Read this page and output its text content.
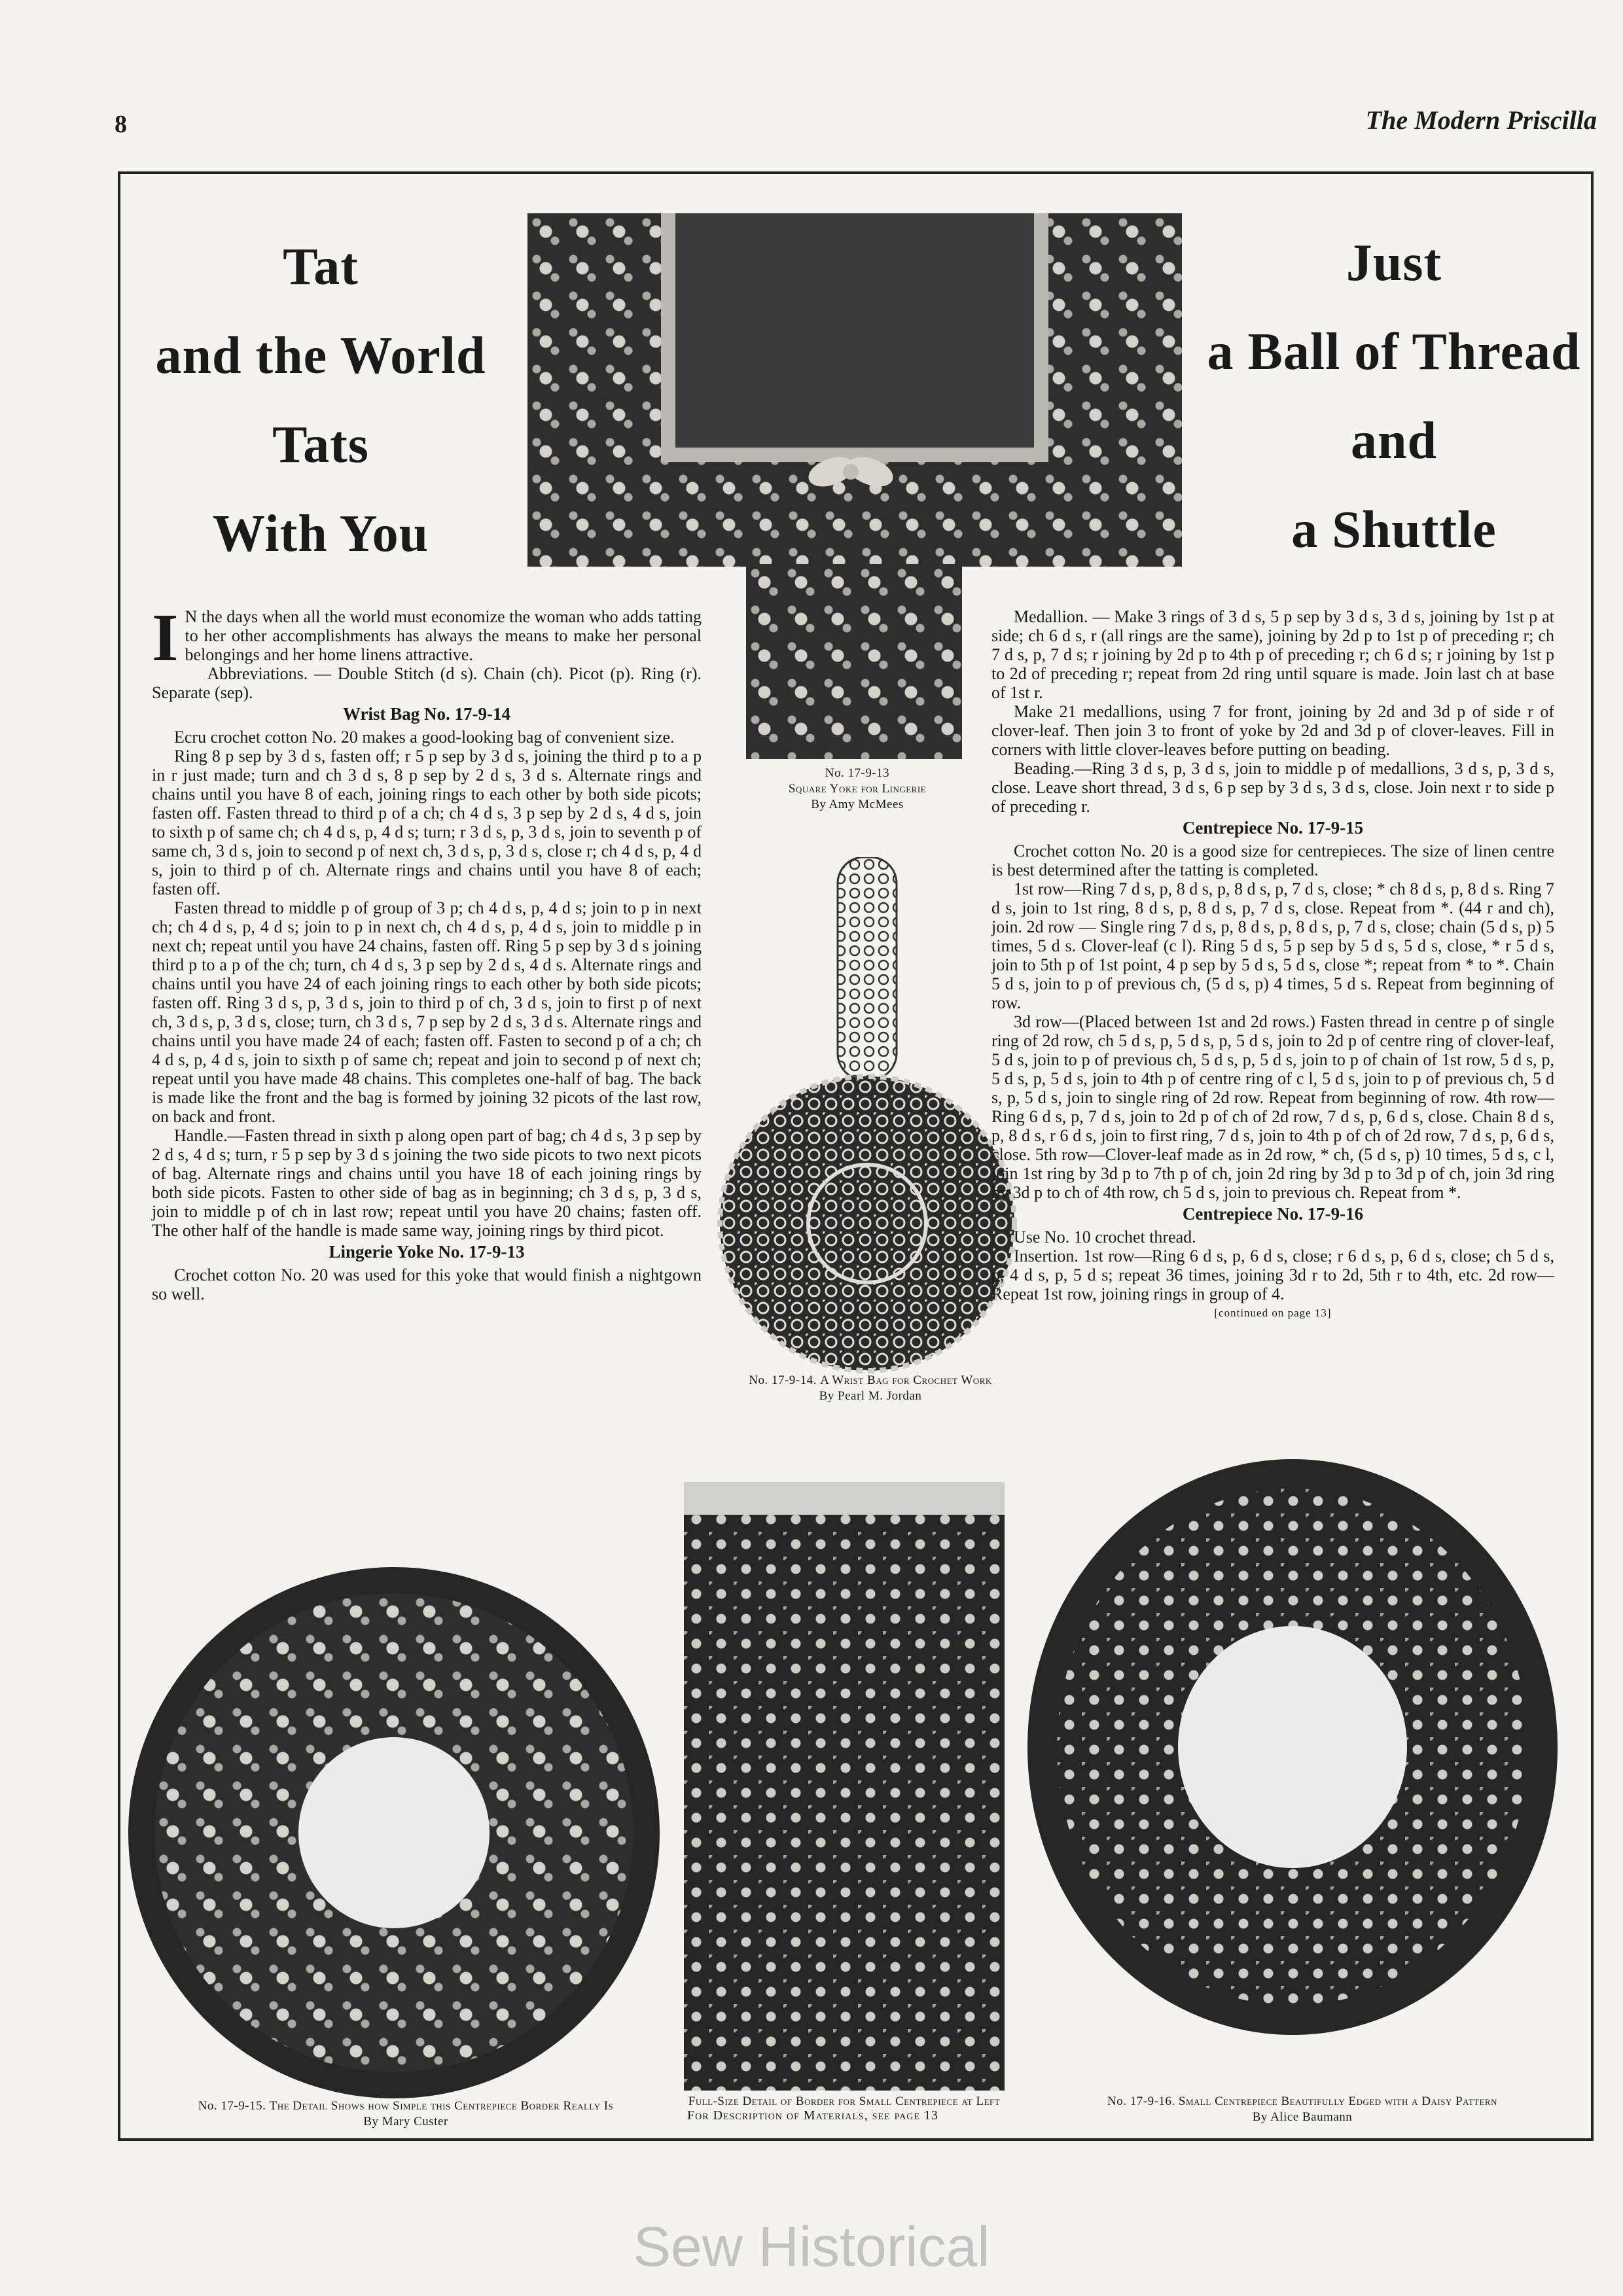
8	The Modern Priscilla
Tat
and the World
Tats
With You
Just
a Ball of Thread
and
a Shuttle
No. 17-9-13
Square Yoke for Lingerie
By Amy McMees
No. 17-9-14. A Wrist Bag for Crochet Work
By Pearl M. Jordan

I N the days when all the world must economize the woman who adds tatting to her other accomplishments has always the means to make her personal belongings and her home linens attractive.

Abbreviations. — Double Stitch (d s). Chain (ch). Picot (p). Ring (r). Separate (sep).

Wrist Bag No. 17-9-14

Ecru crochet cotton No. 20 makes a good-looking bag of convenient size.

Ring 8 p sep by 3 d s, fasten off; r 5 p sep by 3 d s, joining the third p to a p in r just made; turn and ch 3 d s, 8 p sep by 2 d s, 3 d s. Alternate rings and chains until you have 8 of each, joining rings to each other by both side picots; fasten off. Fasten thread to third p of a ch; ch 4 d s, 3 p sep by 2 d s, 4 d s, join to sixth p of same ch; ch 4 d s, p, 4 d s; turn; r 3 d s, p, 3 d s, join to seventh p of same ch, 3 d s, join to second p of next ch, 3 d s, p, 3 d s, close r; ch 4 d s, p, 4 d s, join to third p of ch. Alternate rings and chains until you have 8 of each; fasten off.

Fasten thread to middle p of group of 3 p; ch 4 d s, p, 4 d s; join to p in next ch; ch 4 d s, p, 4 d s; join to p in next ch, ch 4 d s, p, 4 d s, join to middle p in next ch; repeat until you have 24 chains, fasten off. Ring 5 p sep by 3 d s joining third p to a p of the ch; turn, ch 4 d s, 3 p sep by 2 d s, 4 d s. Alternate rings and chains until you have 24 of each joining rings to each other by both side picots; fasten off. Ring 3 d s, p, 3 d s, join to third p of ch, 3 d s, join to first p of next ch, 3 d s, p, 3 d s, close; turn, ch 3 d s, 7 p sep by 2 d s, 3 d s. Alternate rings and chains until you have made 24 of each; fasten off. Fasten to second p of a ch; ch 4 d s, p, 4 d s, join to sixth p of same ch; repeat and join to second p of next ch; repeat until you have made 48 chains. This completes one-half of bag. The back is made like the front and the bag is formed by joining 32 picots of the last row, on back and front.

Handle.—Fasten thread in sixth p along open part of bag; ch 4 d s, 3 p sep by 2 d s, 4 d s; turn, r 5 p sep by 3 d s joining the two side picots to two next picots of bag. Alternate rings and chains until you have 18 of each joining rings by both side picots. Fasten to other side of bag as in beginning; ch 3 d s, p, 3 d s, join to middle p of ch in last row; repeat until you have 20 chains; fasten off. The other half of the handle is made same way, joining rings by third picot.

Lingerie Yoke No. 17-9-13

Crochet cotton No. 20 was used for this yoke that would finish a nightgown so well.

Medallion. — Make 3 rings of 3 d s, 5 p sep by 3 d s, 3 d s, joining by 1st p at side; ch 6 d s, r (all rings are the same), joining by 2d p to 1st p of preceding r; ch 7 d s, p, 7 d s; r joining by 2d p to 4th p of preceding r; ch 6 d s; r joining by 1st p to 2d of preceding r; repeat from 2d ring until square is made. Join last ch at base of 1st r.

Make 21 medallions, using 7 for front, joining by 2d and 3d p of side r of clover-leaf. Then join 3 to front of yoke by 2d and 3d p of clover-leaves. Fill in corners with little clover-leaves before putting on beading.

Beading.—Ring 3 d s, p, 3 d s, join to middle p of medallions, 3 d s, p, 3 d s, close. Leave short thread, 3 d s, 6 p sep by 3 d s, 3 d s, close. Join next r to side p of preceding r.

Centrepiece No. 17-9-15

Crochet cotton No. 20 is a good size for centrepieces. The size of linen centre is best determined after the tatting is completed.

1st row—Ring 7 d s, p, 8 d s, p, 8 d s, p, 7 d s, close; * ch 8 d s, p, 8 d s. Ring 7 d s, join to 1st ring, 8 d s, p, 8 d s, p, 7 d s, close. Repeat from *. (44 r and ch), join. 2d row — Single ring 7 d s, p, 8 d s, p, 8 d s, p, 7 d s, close; chain (5 d s, p) 5 times, 5 d s. Clover-leaf (c l). Ring 5 d s, 5 p sep by 5 d s, 5 d s, close, * r 5 d s, join to 5th p of 1st point, 4 p sep by 5 d s, 5 d s, close *; repeat from * to *. Chain 5 d s, join to p of previous ch, (5 d s, p) 4 times, 5 d s. Repeat from beginning of row.

3d row—(Placed between 1st and 2d rows.) Fasten thread in centre p of single ring of 2d row, ch 5 d s, p, 5 d s, p, 5 d s, join to 2d p of centre ring of clover-leaf, 5 d s, join to p of previous ch, 5 d s, p, 5 d s, join to p of chain of 1st row, 5 d s, p, 5 d s, p, 5 d s, join to 4th p of centre ring of c l, 5 d s, join to p of previous ch, 5 d s, p, 5 d s, join to single ring of 2d row. Repeat from beginning of row. 4th row—Ring 6 d s, p, 7 d s, join to 2d p of ch of 2d row, 7 d s, p, 6 d s, close. Chain 8 d s, p, 8 d s, r 6 d s, join to first ring, 7 d s, join to 4th p of ch of 2d row, 7 d s, p, 6 d s, close. 5th row—Clover-leaf made as in 2d row, * ch, (5 d s, p) 10 times, 5 d s, c l, join 1st ring by 3d p to 7th p of ch, join 2d ring by 3d p to 3d p of ch, join 3d ring by 3d p to ch of 4th row, ch 5 d s, join to previous ch. Repeat from *.

Centrepiece No. 17-9-16

Use No. 10 crochet thread.

Insertion. 1st row—Ring 6 d s, p, 6 d s, close; r 6 d s, p, 6 d s, close; ch 5 d s, p, 4 d s, p, 5 d s; repeat 36 times, joining 3d r to 2d, 5th r to 4th, etc. 2d row—Repeat 1st row, joining rings in group of 4.

[continued on page 13]
No. 17-9-15. The Detail Shows how Simple this Centrepiece Border Really Is
By Mary Custer
Full-Size Detail of Border for Small Centrepiece at Left	No. 17-9-16. Small Centrepiece Beautifully Edged with a Daisy Pattern
By Alice Baumann
For Description of Materials, see page 13
Sew Historical
